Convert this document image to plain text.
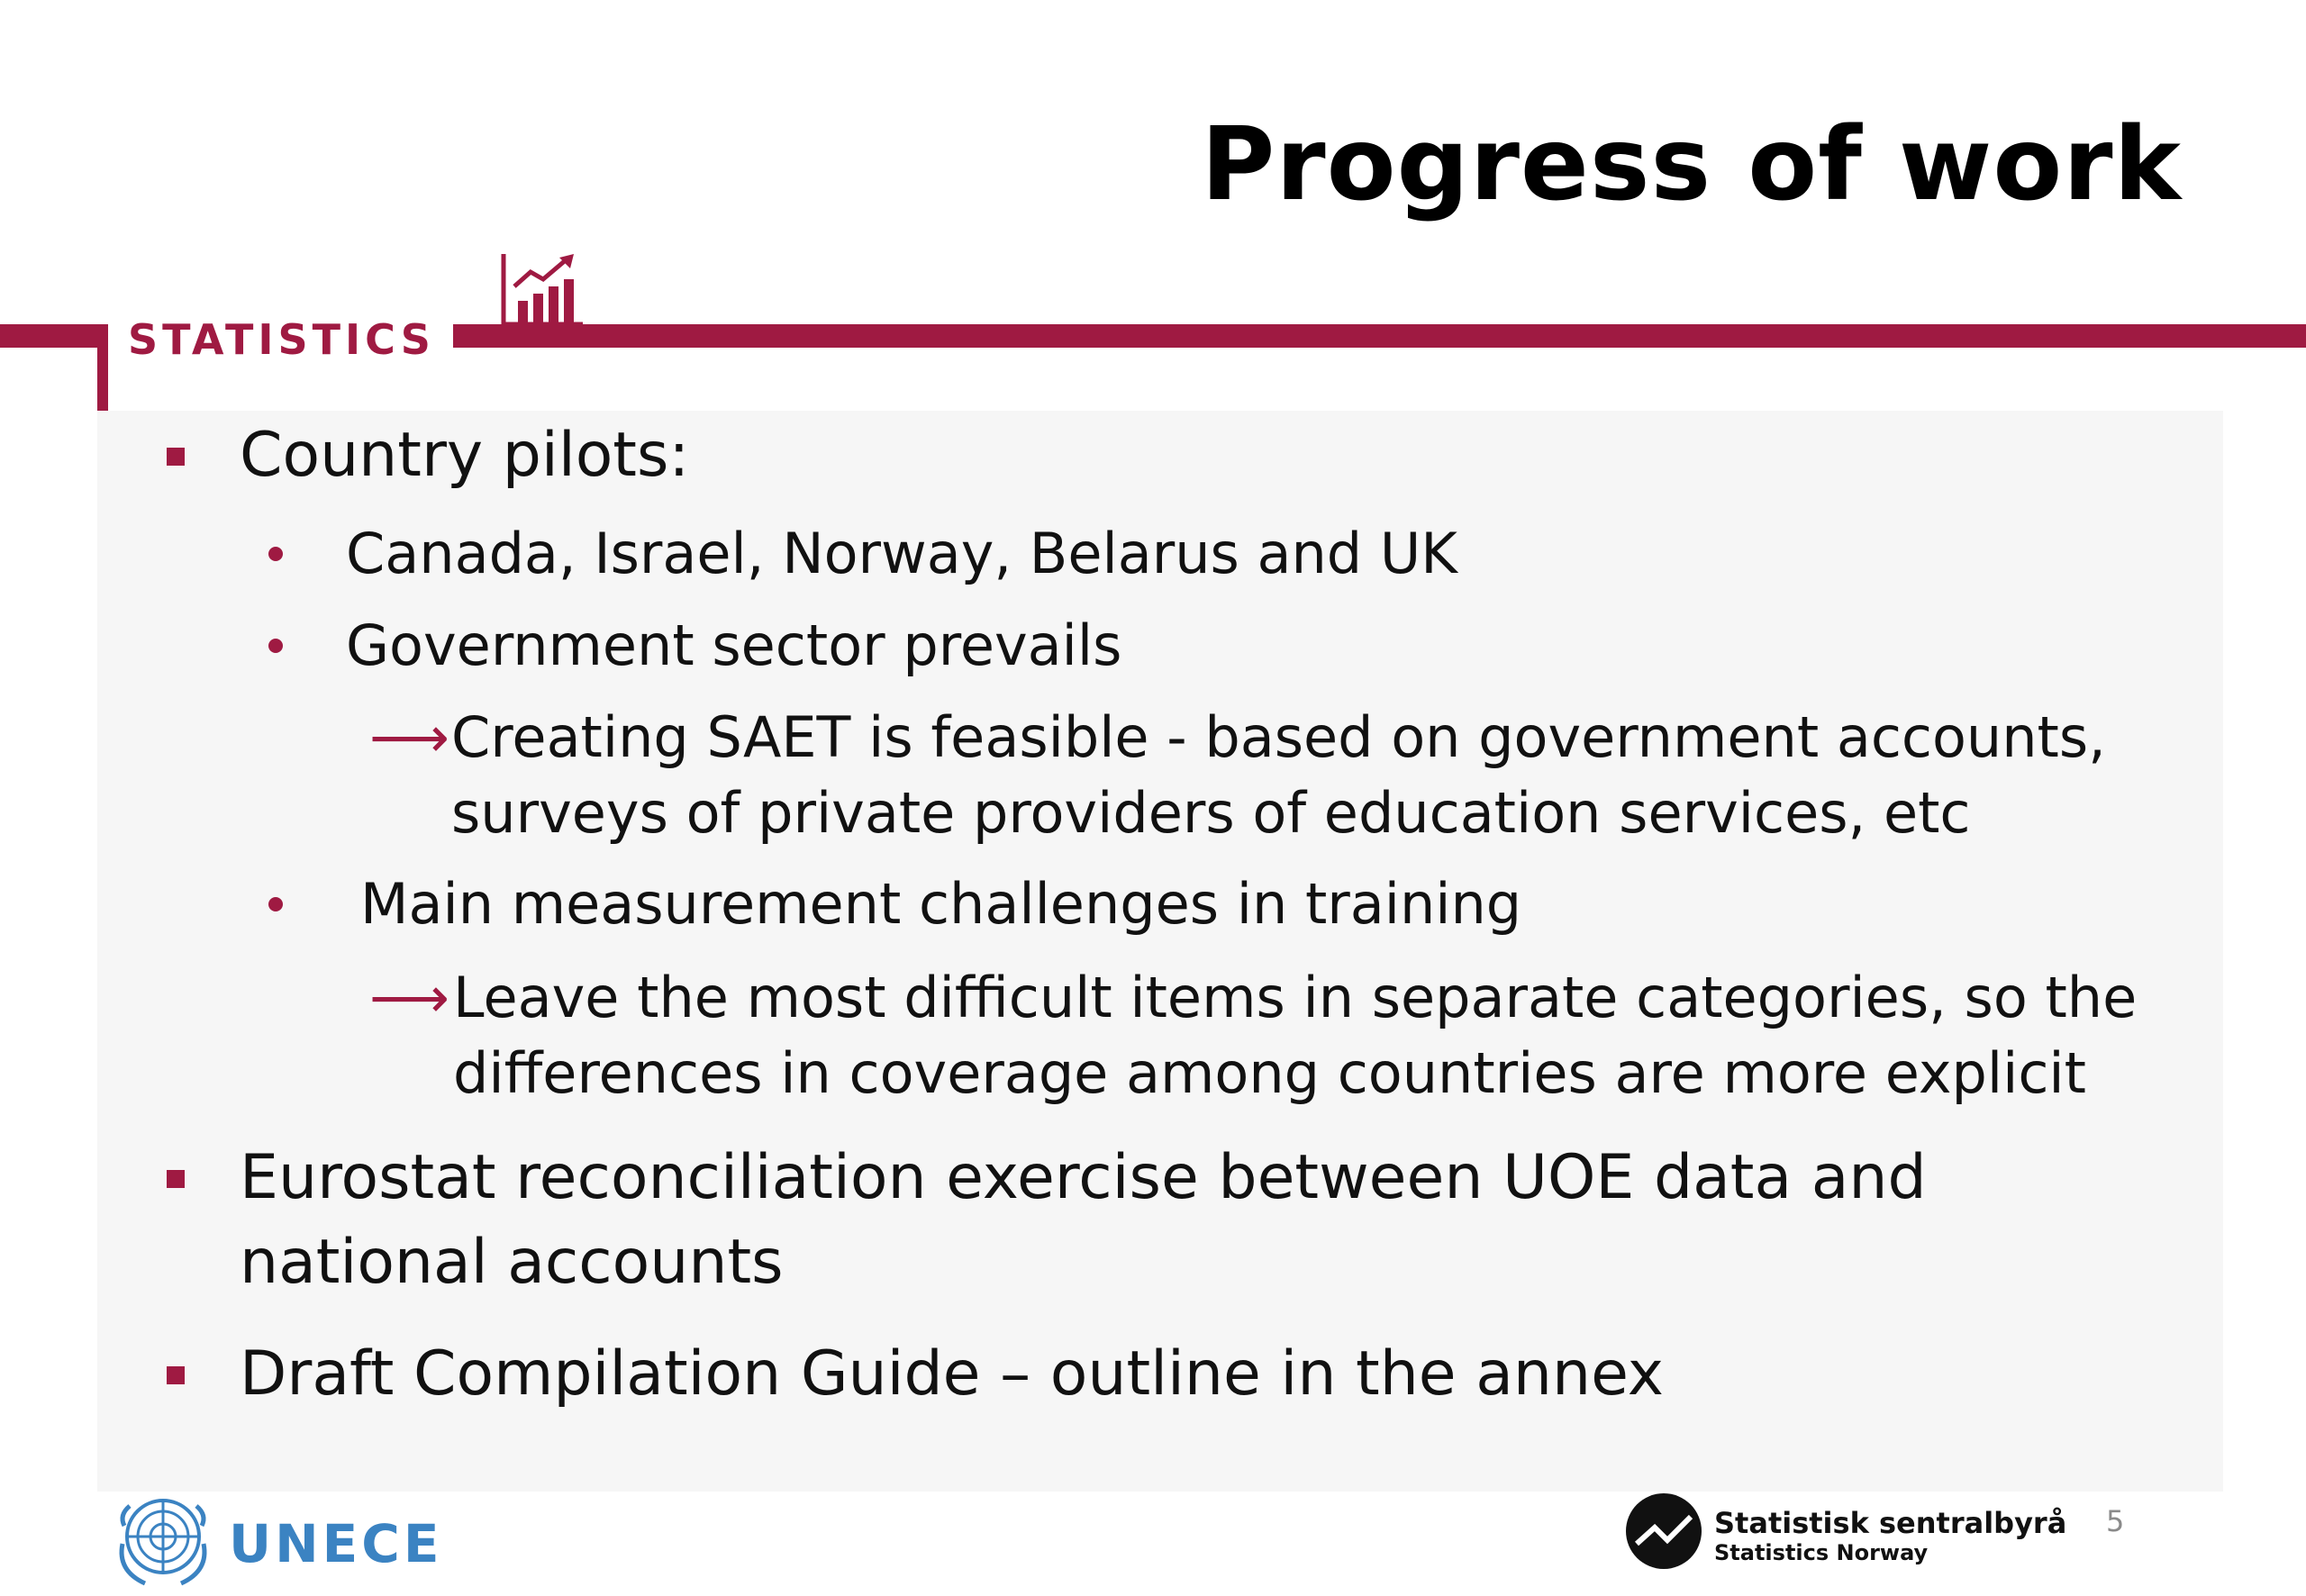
Progress of work
STATISTICS
Country pilots:
Canada, Israel, Norway, Belarus and UK
Government sector prevails
⟶ Creating SAET is feasible - based on government accounts,
surveys of private providers of education services, etc
Main measurement challenges in training
⟶ Leave the most difficult items in separate categories, so the
differences in coverage among countries are more explicit
Eurostat reconciliation exercise between UOE data and
national accounts
Draft Compilation Guide – outline in the annex
UNECE	Statistisk sentralbyrå
Statistics Norway
5
